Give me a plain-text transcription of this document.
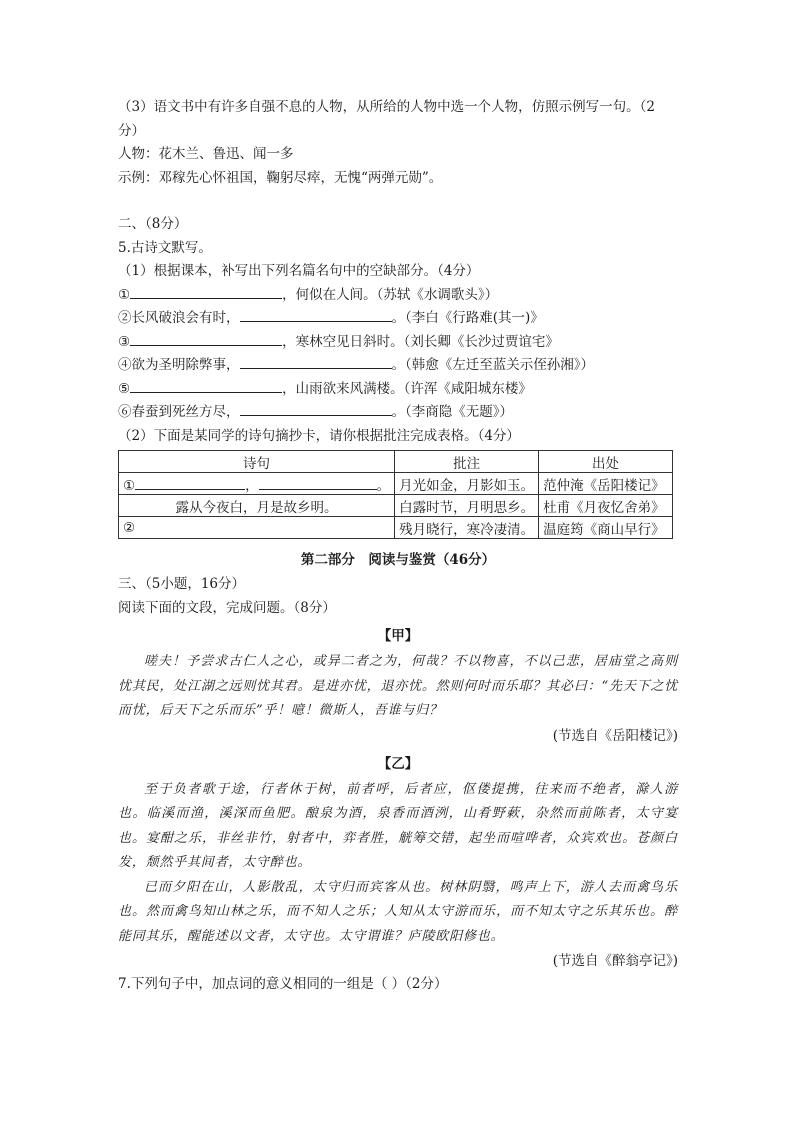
（3）语文书中有许多自强不息的人物，从所给的人物中选一个人物，仿照示例写一句。（2
分）
人物：花木兰、鲁迅、闻一多
示例：邓稼先心怀祖国，鞠躬尽瘁，无愧“两弹元勋”。
二、（8分）
5.古诗文默写。
（1）根据课本，补写出下列名篇名句中的空缺部分。（4分）
①	，何似在人间。（苏轼《水调歌头》）
②长风破浪会有时，	。（李白《行路难(其一)》
③	，寒林空见日斜时。（刘长卿《长沙过贾谊宅》
④欲为圣明除弊事，	。（韩愈《左迁至蓝关示侄孙湘》）
⑤	，山雨欲来风满楼。（许浑《咸阳城东楼》
⑥春蚕到死丝方尽，	。（李商隐《无题》）
（2）下面是某同学的诗句摘抄卡，请你根据批注完成表格。（4分）
诗句	批注	出处
① ， 。	月光如金，月影如玉。	范仲淹《岳阳楼记》
露从今夜白，月是故乡明。	白露时节，月明思乡。	杜甫《月夜忆舍弟》
②	残月晓行，寒冷凄清。	温庭筠《商山早行》
第二部分　阅读与鉴赏（46分）
三、（5小题，16分）
阅读下面的文段，完成问题。（8分）
【甲】
嗟夫！予尝求古仁人之心，或异二者之为，何哉？不以物喜，不以己悲，居庙堂之高则忧其民，处江湖之远则忧其君。是进亦忧，退亦忧。然则何时而乐耶？其必曰：“先天下之忧而忧，后天下之乐而乐”乎！噫！微斯人，吾谁与归？
(节选自《岳阳楼记》)
【乙】
至于负者歌于途，行者休于树，前者呼，后者应，伛偻提携，往来而不绝者，滁人游也。临溪而渔，溪深而鱼肥。酿泉为酒，泉香而酒洌，山肴野蔌，杂然而前陈者，太守宴也。宴酣之乐，非丝非竹，射者中，弈者胜，觥筹交错，起坐而喧哗者，众宾欢也。苍颜白发，颓然乎其间者，太守醉也。
已而夕阳在山，人影散乱，太守归而宾客从也。树林阴翳，鸣声上下，游人去而禽鸟乐也。然而禽鸟知山林之乐，而不知人之乐；人知从太守游而乐，而不知太守之乐其乐也。醉能同其乐，醒能述以文者，太守也。太守谓谁？庐陵欧阳修也。
(节选自《醉翁亭记》)
7.下列句子中，加点词的意义相同的一组是（ ）（2分）
